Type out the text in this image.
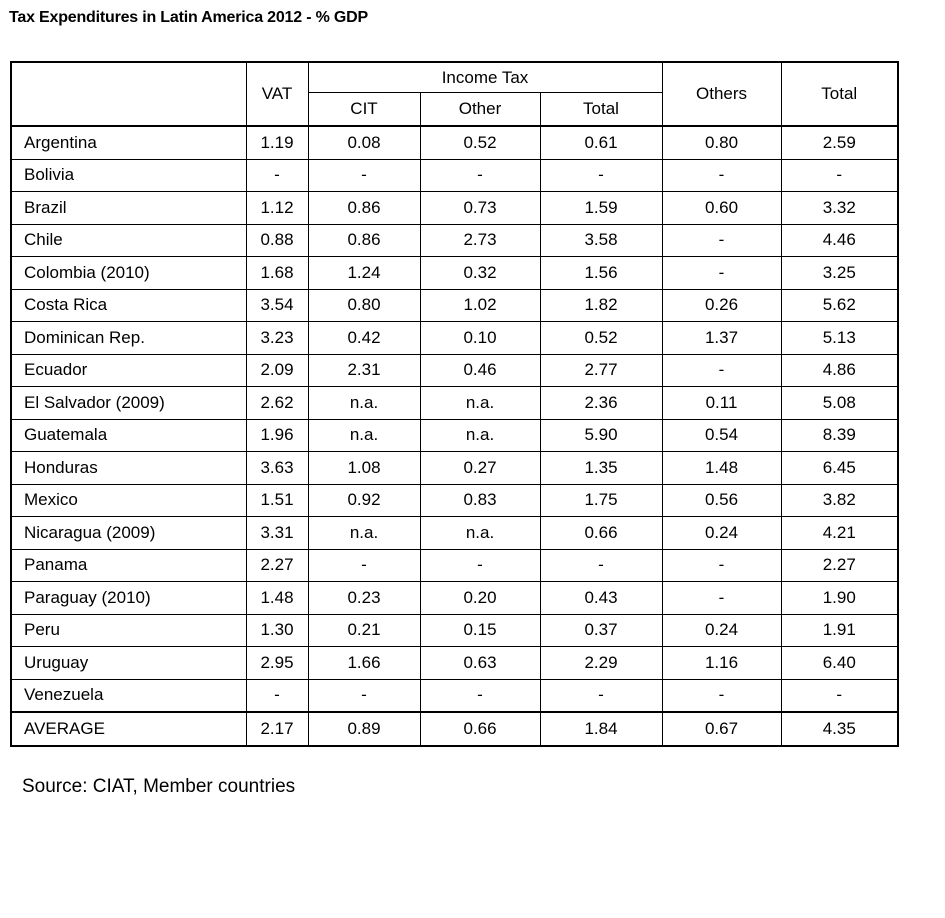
Tax Expenditures in Latin America 2012 - % GDP
	VAT	Income Tax			Others	Total
		CIT	Other	Total		
Argentina	1.19	0.08	0.52	0.61	0.80	2.59
Bolivia	-	-	-	-	-	-
Brazil	1.12	0.86	0.73	1.59	0.60	3.32
Chile	0.88	0.86	2.73	3.58	-	4.46
Colombia (2010)	1.68	1.24	0.32	1.56	-	3.25
Costa Rica	3.54	0.80	1.02	1.82	0.26	5.62
Dominican Rep.	3.23	0.42	0.10	0.52	1.37	5.13
Ecuador	2.09	2.31	0.46	2.77	-	4.86
El Salvador (2009)	2.62	n.a.	n.a.	2.36	0.11	5.08
Guatemala	1.96	n.a.	n.a.	5.90	0.54	8.39
Honduras	3.63	1.08	0.27	1.35	1.48	6.45
Mexico	1.51	0.92	0.83	1.75	0.56	3.82
Nicaragua (2009)	3.31	n.a.	n.a.	0.66	0.24	4.21
Panama	2.27	-	-	-	-	2.27
Paraguay (2010)	1.48	0.23	0.20	0.43	-	1.90
Peru	1.30	0.21	0.15	0.37	0.24	1.91
Uruguay	2.95	1.66	0.63	2.29	1.16	6.40
Venezuela	-	-	-	-	-	-
AVERAGE	2.17	0.89	0.66	1.84	0.67	4.35
Source: CIAT, Member countries
